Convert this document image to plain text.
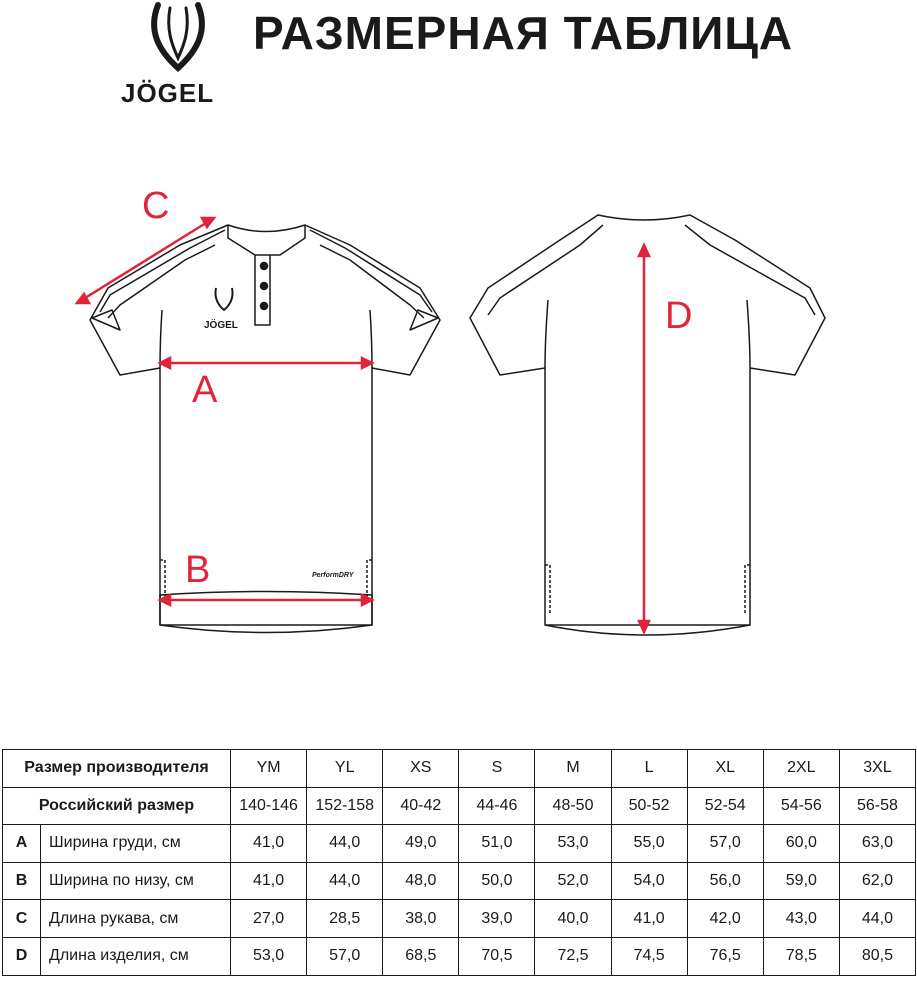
JÖGEL
РАЗМЕРНАЯ ТАБЛИЦА
JÖGEL
PerformDRY
A
B
C
D
Размер производителя		YM	YL	XS	S	M	L	XL	2XL	3XL
Российский размер		140-146	152-158	40-42	44-46	48-50	50-52	52-54	54-56	56-58
A	Ширина груди, см	41,0	44,0	49,0	51,0	53,0	55,0	57,0	60,0	63,0
B	Ширина по низу, см	41,0	44,0	48,0	50,0	52,0	54,0	56,0	59,0	62,0
C	Длина рукава, см	27,0	28,5	38,0	39,0	40,0	41,0	42,0	43,0	44,0
D	Длина изделия, см	53,0	57,0	68,5	70,5	72,5	74,5	76,5	78,5	80,5
